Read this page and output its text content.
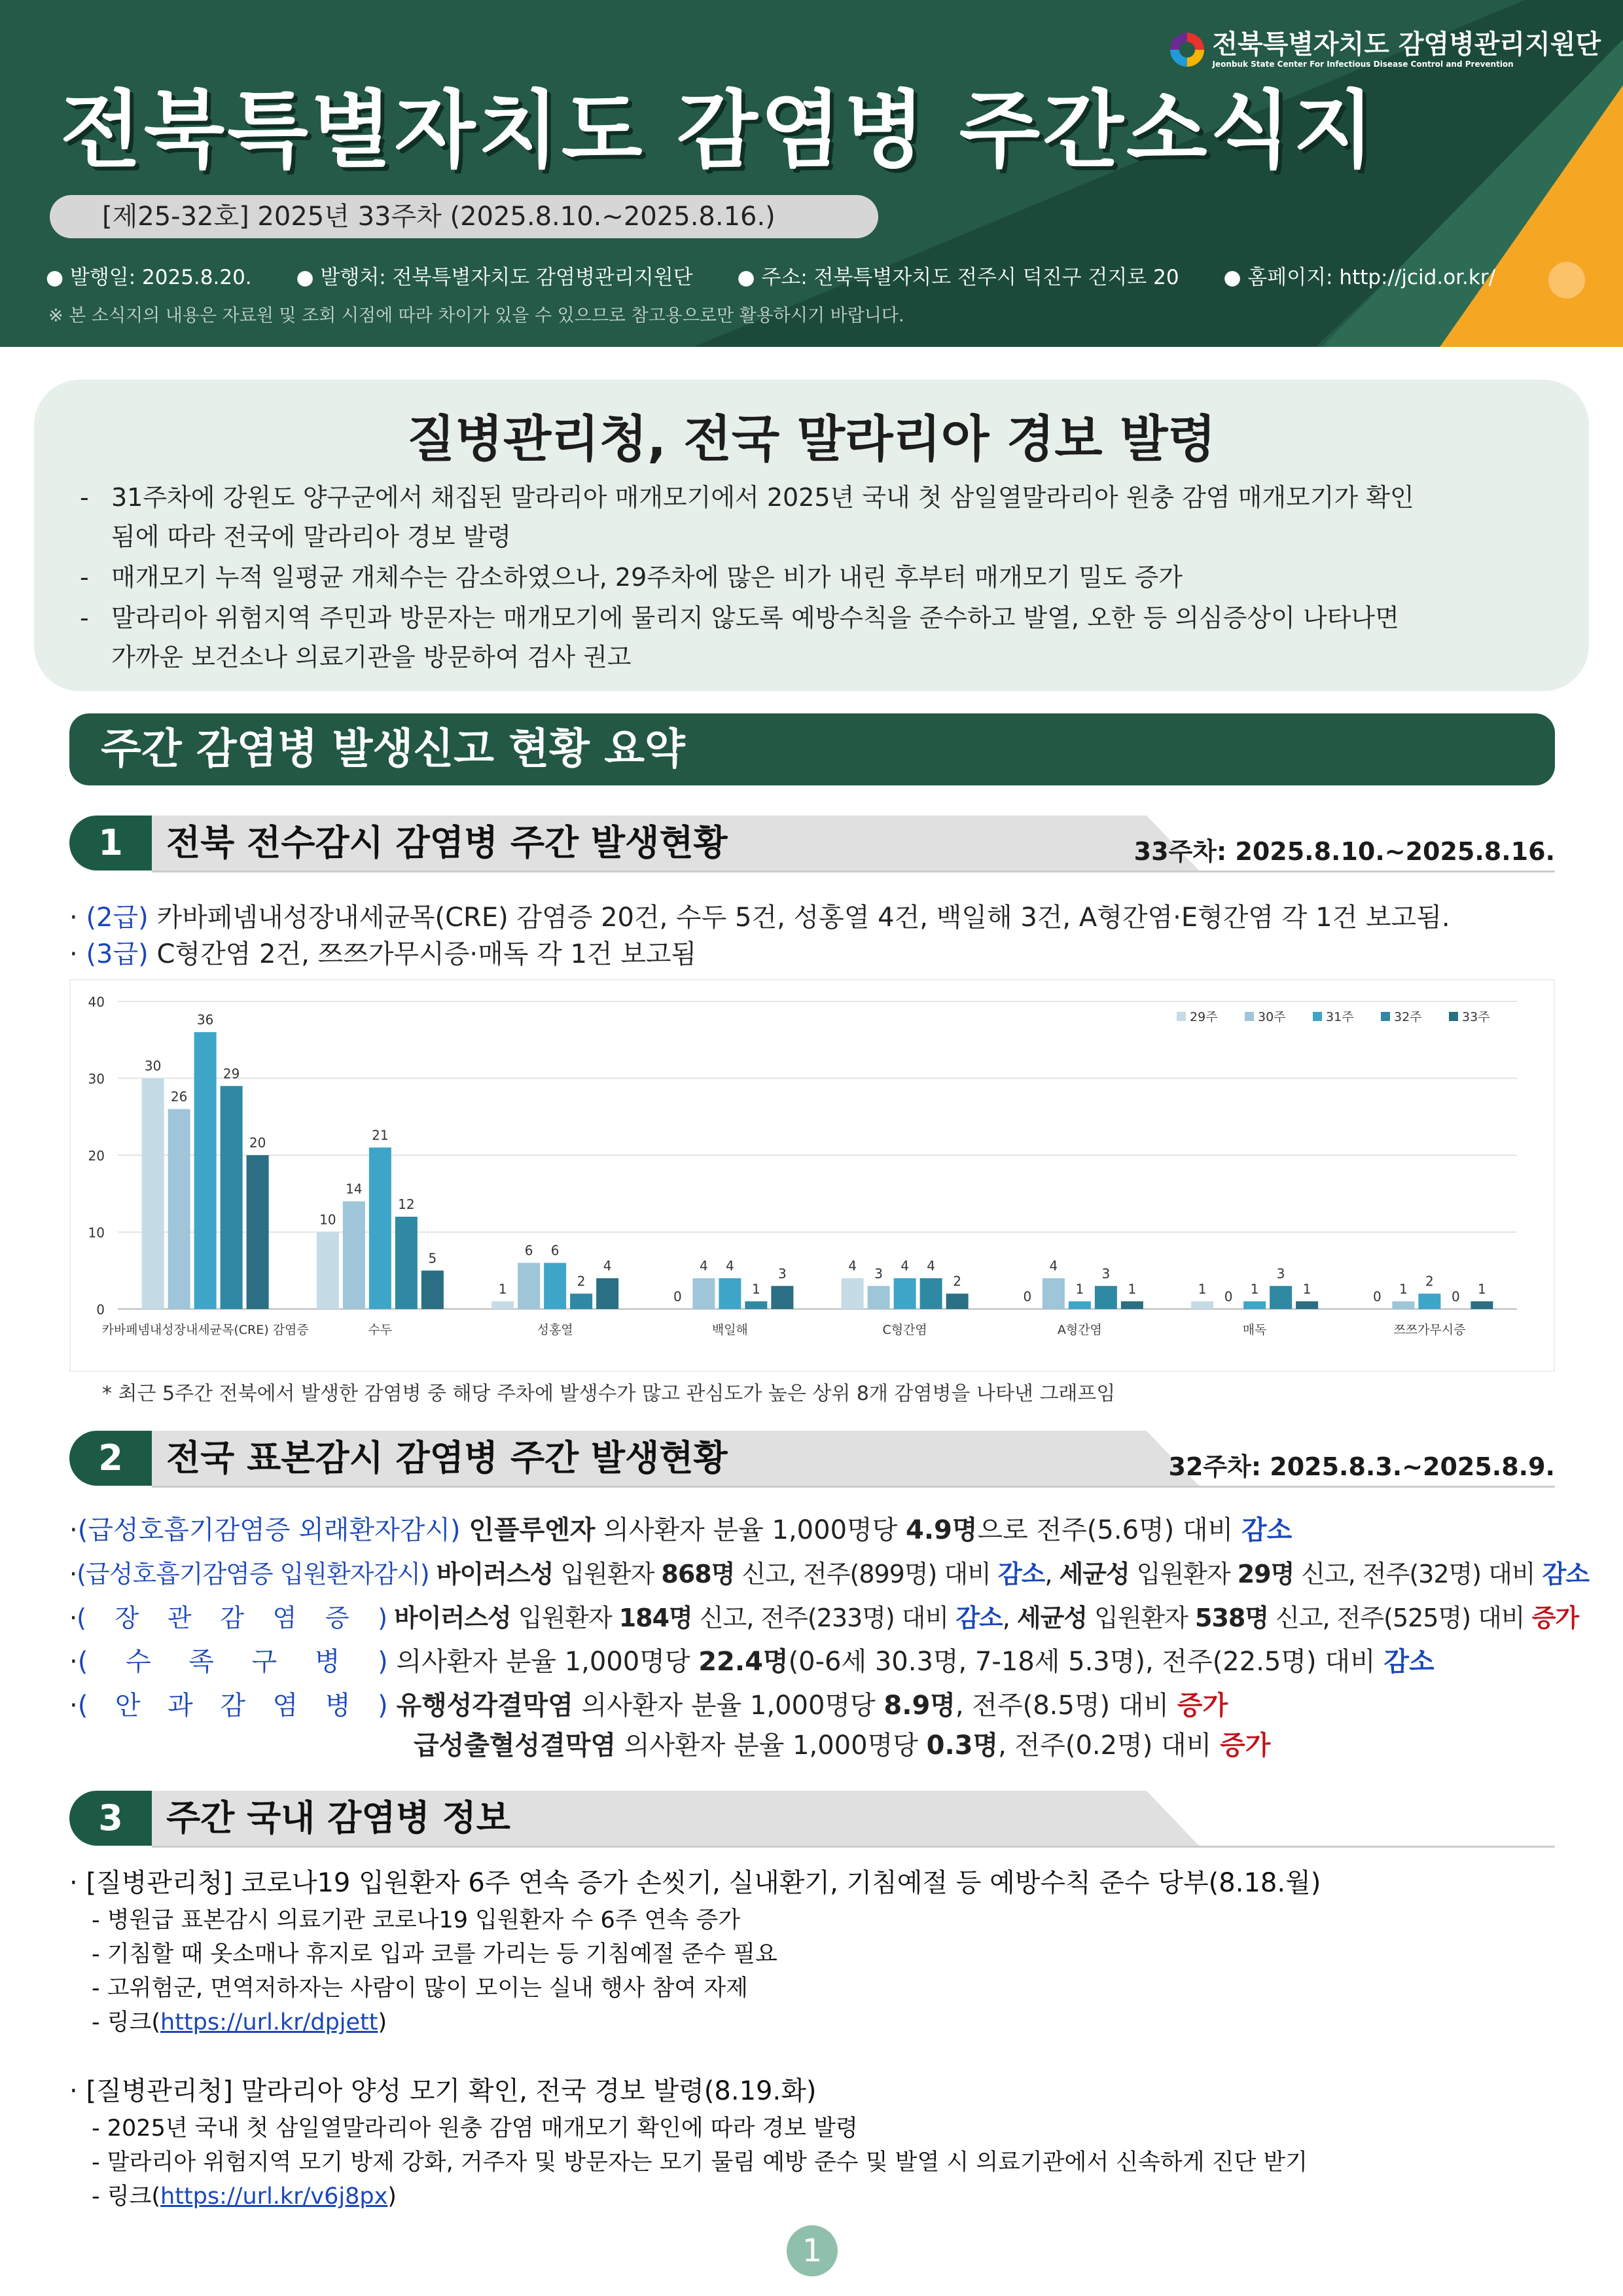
전북특별자치도 감염병관리지원단
Jeonbuk State Center For Infectious Disease Control and Prevention
전북특별자치도 감염병 주간소식지
[제25-32호] 2025년 33주차 (2025.8.10.~2025.8.16.)
● 발행일: 2025.8.20. ● 발행처: 전북특별자치도 감염병관리지원단 ● 주소: 전북특별자치도 전주시 덕진구 건지로 20 ● 홈페이지: http://jcid.or.kr/
※ 본 소식지의 내용은 자료원 및 조회 시점에 따라 차이가 있을 수 있으므로 참고용으로만 활용하시기 바랍니다.
질병관리청, 전국 말라리아 경보 발령
- 31주차에 강원도 양구군에서 채집된 말라리아 매개모기에서 2025년 국내 첫 삼일열말라리아 원충 감염 매개모기가 확인
됨에 따라 전국에 말라리아 경보 발령
- 매개모기 누적 일평균 개체수는 감소하였으나, 29주차에 많은 비가 내린 후부터 매개모기 밀도 증가
- 말라리아 위험지역 주민과 방문자는 매개모기에 물리지 않도록 예방수칙을 준수하고 발열, 오한 등 의심증상이 나타나면
가까운 보건소나 의료기관을 방문하여 검사 권고
주간 감염병 발생신고 현황 요약
1	전북 전수감시 감염병 주간 발생현황	33주차: 2025.8.10.~2025.8.16.
· (2급) 카바페넴내성장내세균목(CRE) 감염증 20건, 수두 5건, 성홍열 4건, 백일해 3건, A형간염·E형간염 각 1건 보고됨.
· (3급) C형간염 2건, 쯔쯔가무시증·매독 각 1건 보고됨
0
10
20
30
40
30
26
36
29
20
카바페넴내성장내세균목(CRE) 감염증
10
14
21
12
5
수두
1
6 6
2
4
성홍열
0
4 4
1
3
백일해
4 3 4 4
2
C형간염
0
4
1
3
1
A형간염
1 0 1
3
1
매독
0 1 2
0 1
쯔쯔가무시증
29주	30주	31주	32주	33주
* 최근 5주간 전북에서 발생한 감염병 중 해당 주차에 발생수가 많고 관심도가 높은 상위 8개 감염병을 나타낸 그래프임
2	전국 표본감시 감염병 주간 발생현황	32주차: 2025.8.3.~2025.8.9.
·(급성호흡기감염증 외래환자감시) 인플루엔자 의사환자 분율 1,000명당 4.9명으로 전주(5.6명) 대비 감소
·(급성호흡기감염증 입원환자감시) 바이러스성 입원환자 868명 신고, 전주(899명) 대비 감소, 세균성 입원환자 29명 신고, 전주(32명) 대비 감소
· ( 장 관 감 염 증 ) 바이러스성 입원환자 184명 신고, 전주(233명) 대비 감소, 세균성 입원환자 538명 신고, 전주(525명) 대비 증가
· ( 수 족 구 병 ) 의사환자 분율 1,000명당 22.4명(0-6세 30.3명, 7-18세 5.3명), 전주(22.5명) 대비 감소
· ( 안 과 감 염 병 ) 유행성각결막염 의사환자 분율 1,000명당 8.9명, 전주(8.5명) 대비 증가
급성출혈성결막염 의사환자 분율 1,000명당 0.3명, 전주(0.2명) 대비 증가
3	주간 국내 감염병 정보
· [질병관리청] 코로나19 입원환자 6주 연속 증가 손씻기, 실내환기, 기침예절 등 예방수칙 준수 당부(8.18.월)
- 병원급 표본감시 의료기관 코로나19 입원환자 수 6주 연속 증가
- 기침할 때 옷소매나 휴지로 입과 코를 가리는 등 기침예절 준수 필요
- 고위험군, 면역저하자는 사람이 많이 모이는 실내 행사 참여 자제
- 링크(https://url.kr/dpjett)
· [질병관리청] 말라리아 양성 모기 확인, 전국 경보 발령(8.19.화)
- 2025년 국내 첫 삼일열말라리아 원충 감염 매개모기 확인에 따라 경보 발령
- 말라리아 위험지역 모기 방제 강화, 거주자 및 방문자는 모기 물림 예방 준수 및 발열 시 의료기관에서 신속하게 진단 받기
- 링크(https://url.kr/v6j8px)
1
